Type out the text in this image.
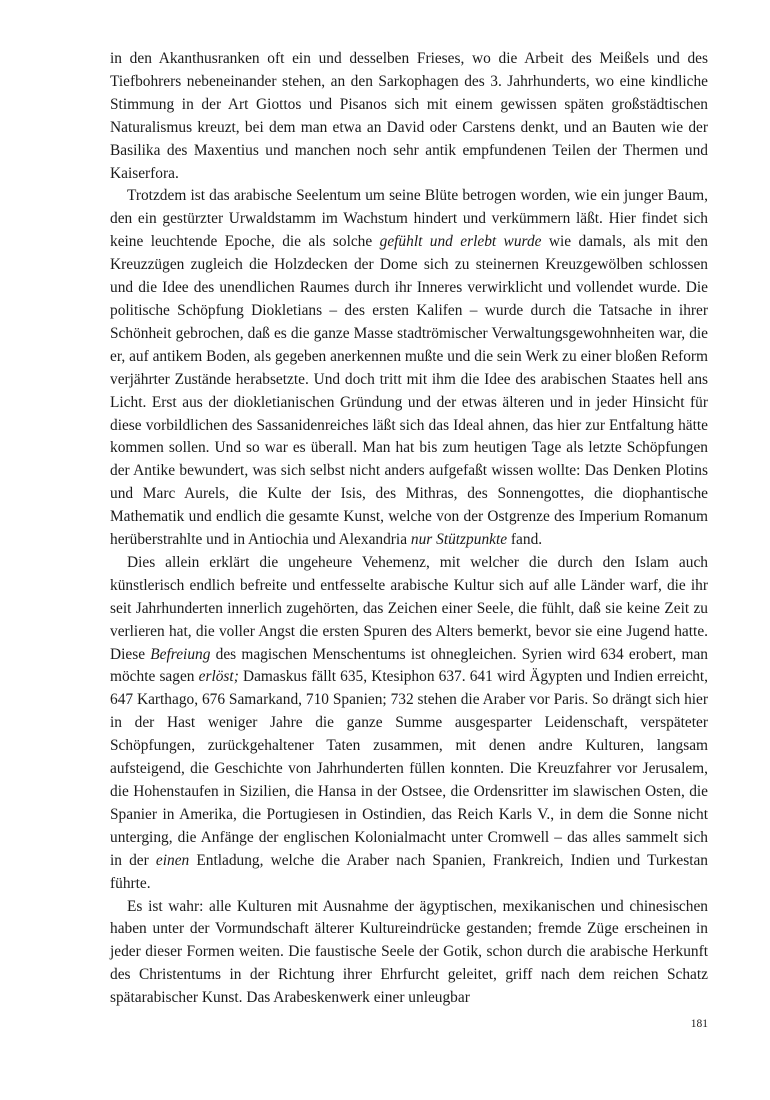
in den Akanthusranken oft ein und desselben Frieses, wo die Arbeit des Meißels und des Tiefbohrers nebeneinander stehen, an den Sarkophagen des 3. Jahrhunderts, wo eine kindliche Stimmung in der Art Giottos und Pisanos sich mit einem gewissen späten großstädtischen Naturalismus kreuzt, bei dem man etwa an David oder Carstens denkt, und an Bauten wie der Basilika des Maxentius und manchen noch sehr antik empfundenen Teilen der Thermen und Kaiserfora.

Trotzdem ist das arabische Seelentum um seine Blüte betrogen worden, wie ein junger Baum, den ein gestürzter Urwaldstamm im Wachstum hindert und verkümmern läßt. Hier findet sich keine leuchtende Epoche, die als solche gefühlt und erlebt wurde wie damals, als mit den Kreuzzügen zugleich die Holzdecken der Dome sich zu steinernen Kreuzgewölben schlossen und die Idee des unendlichen Raumes durch ihr Inneres verwirklicht und vollendet wurde. Die politische Schöpfung Diokletians – des ersten Kalifen – wurde durch die Tatsache in ihrer Schönheit gebrochen, daß es die ganze Masse stadtrömischer Verwaltungsgewohnheiten war, die er, auf antikem Boden, als gegeben anerkennen mußte und die sein Werk zu einer bloßen Reform verjährter Zustände herabsetzte. Und doch tritt mit ihm die Idee des arabischen Staates hell ans Licht. Erst aus der diokletianischen Gründung und der etwas älteren und in jeder Hinsicht für diese vorbildlichen des Sassanidenreiches läßt sich das Ideal ahnen, das hier zur Entfaltung hätte kommen sollen. Und so war es überall. Man hat bis zum heutigen Tage als letzte Schöpfungen der Antike bewundert, was sich selbst nicht anders aufgefaßt wissen wollte: Das Denken Plotins und Marc Aurels, die Kulte der Isis, des Mithras, des Sonnengottes, die diophantische Mathematik und endlich die gesamte Kunst, welche von der Ostgrenze des Imperium Romanum herüberstrahlte und in Antiochia und Alexandria nur Stützpunkte fand.

Dies allein erklärt die ungeheure Vehemenz, mit welcher die durch den Islam auch künstlerisch endlich befreite und entfesselte arabische Kultur sich auf alle Länder warf, die ihr seit Jahrhunderten innerlich zugehörten, das Zeichen einer Seele, die fühlt, daß sie keine Zeit zu verlieren hat, die voller Angst die ersten Spuren des Alters bemerkt, bevor sie eine Jugend hatte. Diese Befreiung des magischen Menschentums ist ohnegleichen. Syrien wird 634 erobert, man möchte sagen erlöst; Damaskus fällt 635, Ktesiphon 637. 641 wird Ägypten und Indien erreicht, 647 Karthago, 676 Samarkand, 710 Spanien; 732 stehen die Araber vor Paris. So drängt sich hier in der Hast weniger Jahre die ganze Summe ausgesparter Leidenschaft, verspäteter Schöpfungen, zurückgehaltener Taten zusammen, mit denen andre Kulturen, langsam aufsteigend, die Geschichte von Jahrhunderten füllen konnten. Die Kreuzfahrer vor Jerusalem, die Hohenstaufen in Sizilien, die Hansa in der Ostsee, die Ordensritter im slawischen Osten, die Spanier in Amerika, die Portugiesen in Ostindien, das Reich Karls V., in dem die Sonne nicht unterging, die Anfänge der englischen Kolonialmacht unter Cromwell – das alles sammelt sich in der einen Entladung, welche die Araber nach Spanien, Frankreich, Indien und Turkestan führte.

Es ist wahr: alle Kulturen mit Ausnahme der ägyptischen, mexikanischen und chinesischen haben unter der Vormundschaft älterer Kultureindrücke gestanden; fremde Züge erscheinen in jeder dieser Formen weiten. Die faustische Seele der Gotik, schon durch die arabische Herkunft des Christentums in der Richtung ihrer Ehrfurcht geleitet, griff nach dem reichen Schatz spätarabischer Kunst. Das Arabeskenwerk einer unleugbar

181
